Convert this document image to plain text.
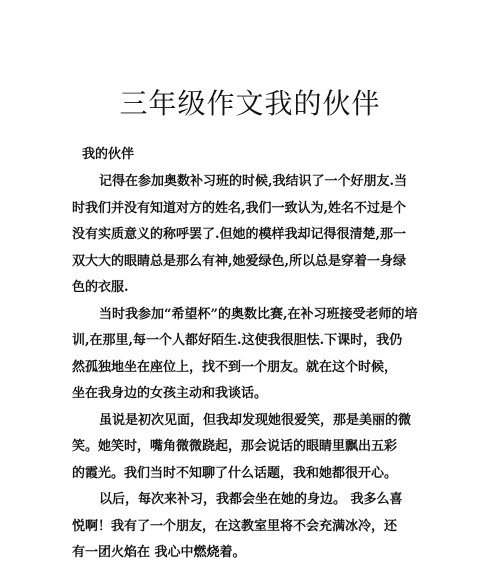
三年级作文我的伙伴
我的伙伴
记得在参加奥数补习班的时候,我结识了一个好朋友.当
时我们并没有知道对方的姓名,我们一致认为,姓名不过是个
没有实质意义的称呼罢了.但她的模样我却记得很清楚,那一
双大大的眼睛总是那么有神,她爱绿色,所以总是穿着一身绿
色的衣服.
当时我参加“希望杯”的奥数比赛,在补习班接受老师的培
训,在那里,每一个人都好陌生.这使我很胆怯.下课时，我仍
然孤独地坐在座位上，找不到一个朋友。就在这个时候，
坐在我身边的女孩主动和我谈话。
虽说是初次见面，但我却发现她很爱笑，那是美丽的微
笑。她笑时，嘴角微微跷起，那会说话的眼睛里飘出五彩
的霞光。我们当时不知聊了什么话题，我和她都很开心。
以后，每次来补习，我都会坐在她的身边。 我多么喜
悦啊！我有了一个朋友，在这教室里将不会充满冰冷，还
有一团火焰在 我心中燃烧着。
